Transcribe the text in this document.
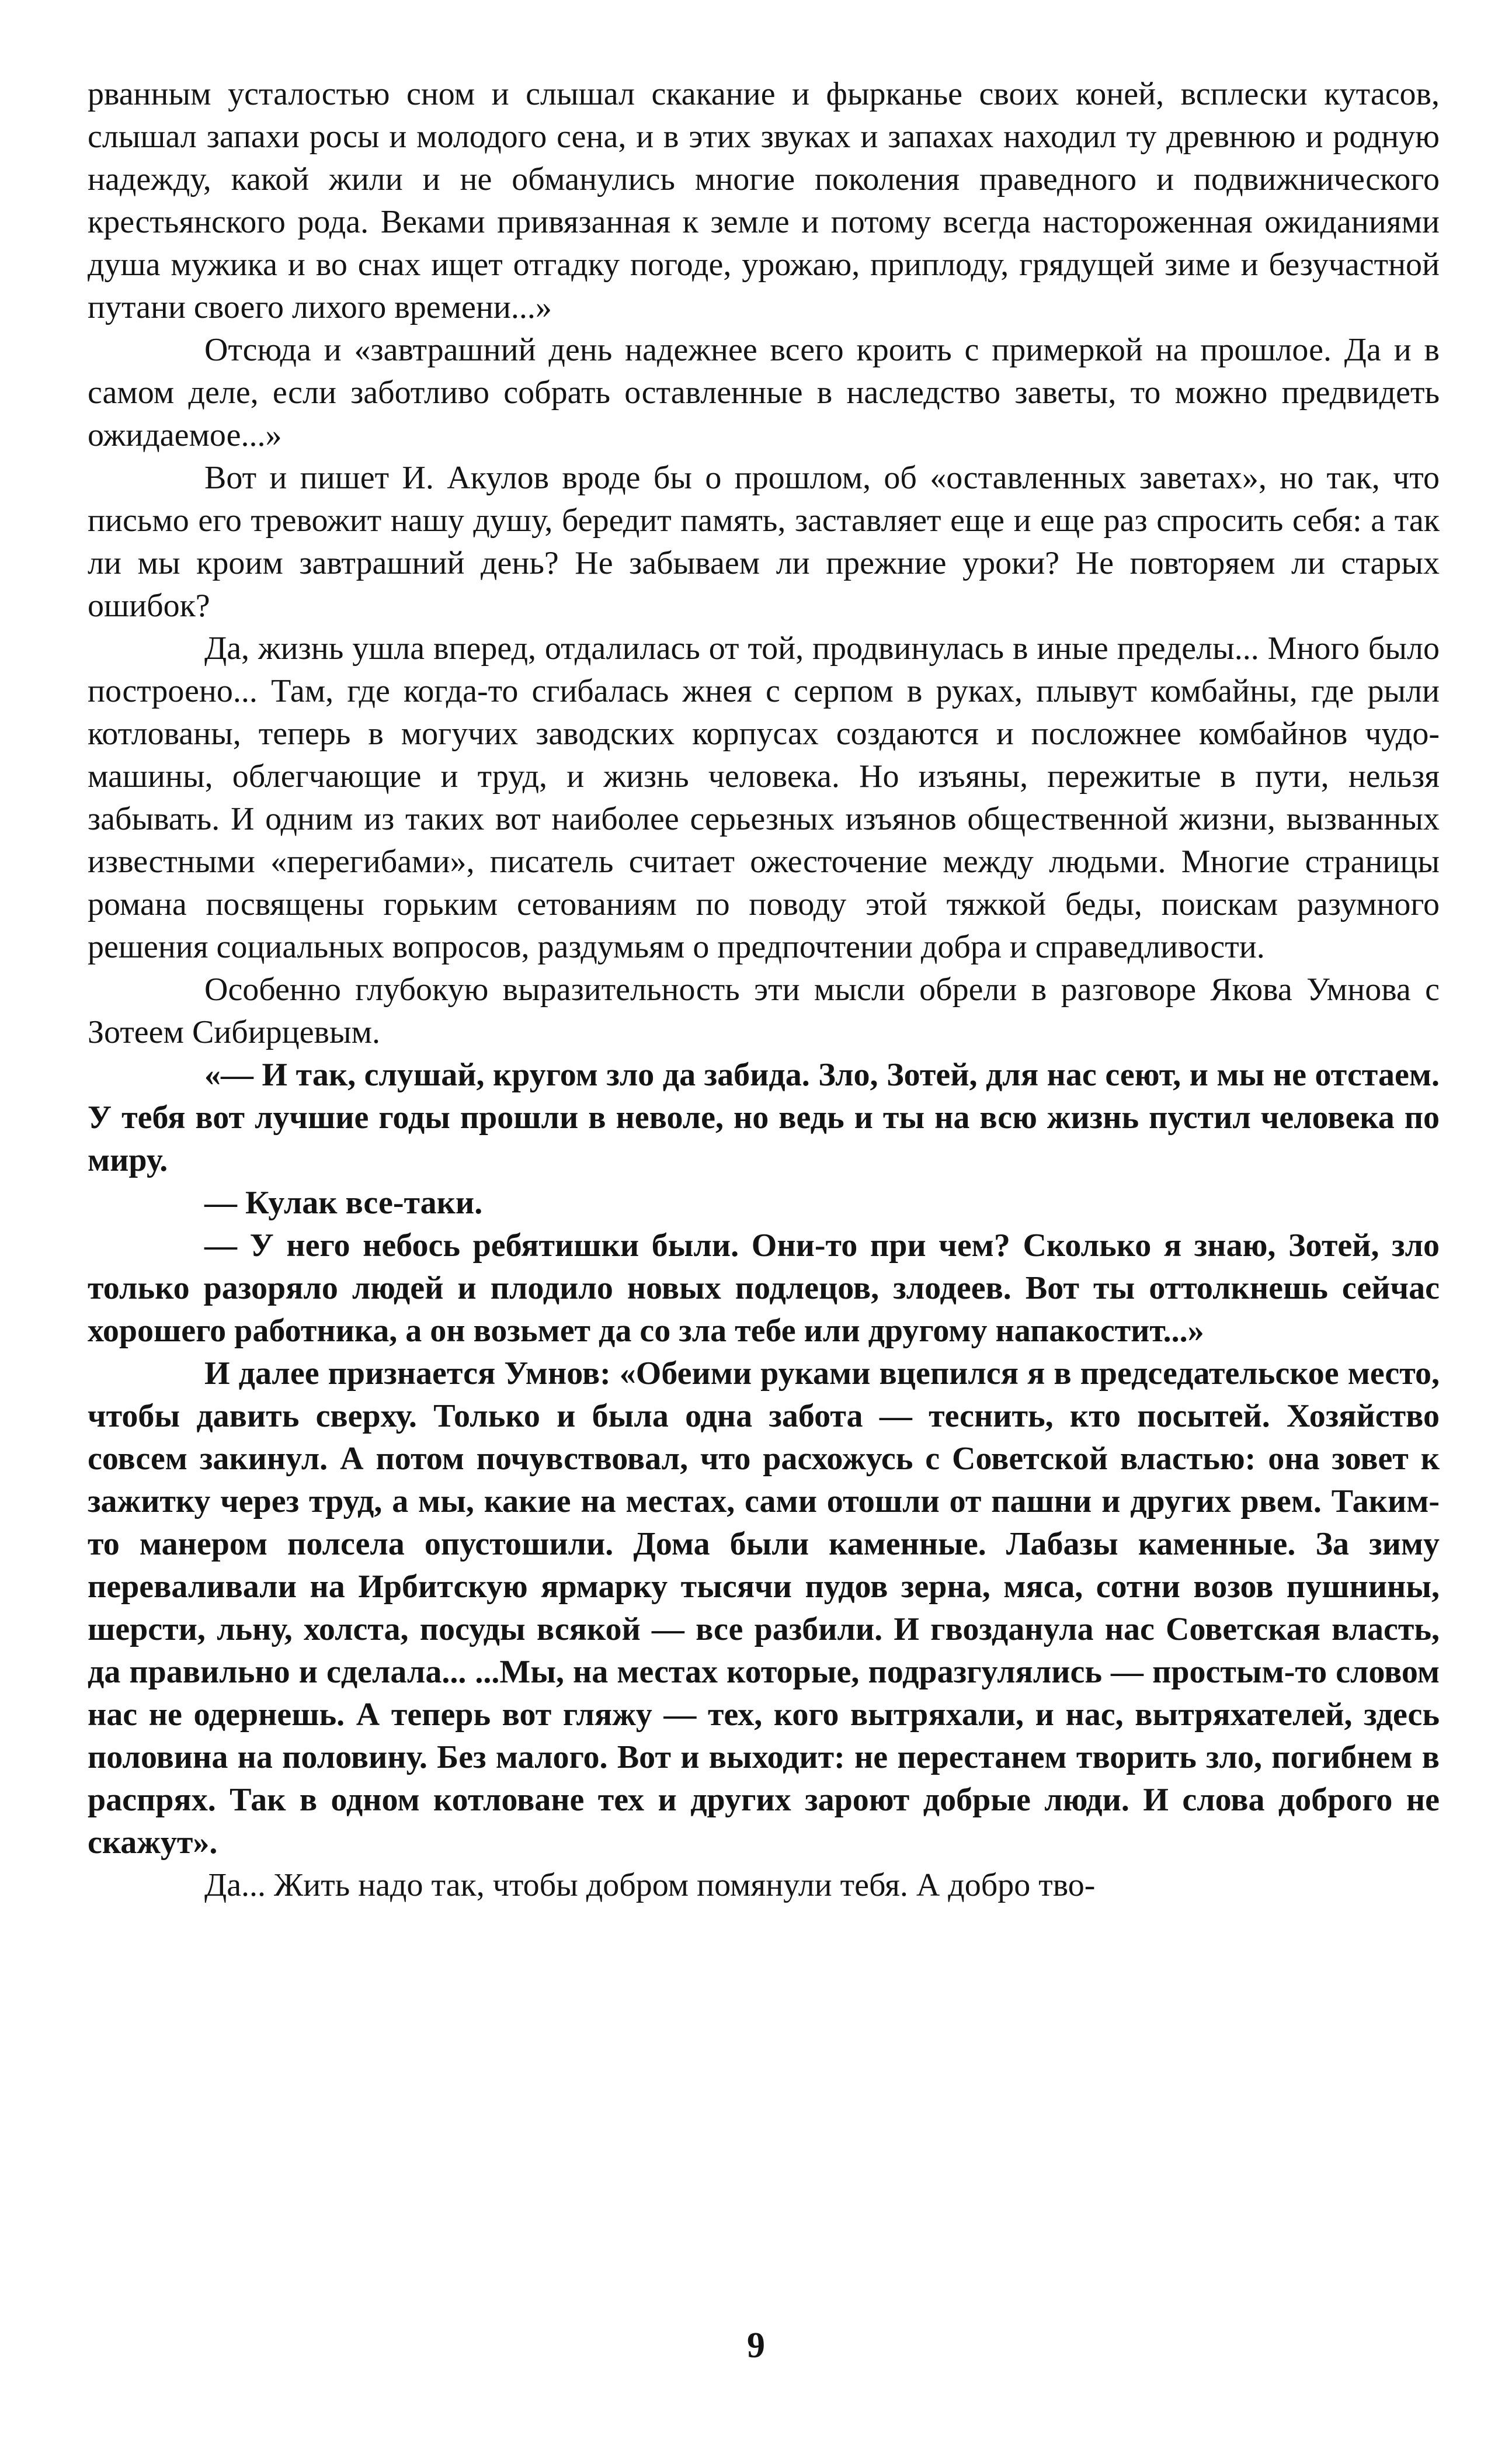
рванным усталостью сном и слышал скакание и фырканье своих коней, всплески кутасов, слышал запахи росы и молодого сена, и в этих звуках и запахах находил ту древнюю и родную надежду, какой жили и не обманулись многие поколения праведного и подвижнического крестьянского рода. Веками привязанная к земле и потому всегда настороженная ожиданиями душа мужика и во снах ищет отгадку погоде, урожаю, приплоду, грядущей зиме и безучастной путани своего лихого времени...»

Отсюда и «завтрашний день надежнее всего кроить с примеркой на прошлое. Да и в самом деле, если заботливо собрать оставленные в наследство заветы, то можно предвидеть ожидаемое...»

Вот и пишет И. Акулов вроде бы о прошлом, об «оставленных заветах», но так, что письмо его тревожит нашу душу, бередит память, заставляет еще и еще раз спросить себя: а так ли мы кроим завтрашний день? Не забываем ли прежние уроки? Не повторяем ли старых ошибок?

Да, жизнь ушла вперед, отдалилась от той, продвинулась в иные пределы... Много было построено... Там, где когда-то сгибалась жнея с серпом в руках, плывут комбайны, где рыли котлованы, теперь в могучих заводских корпусах создаются и посложнее комбайнов чудо-машины, облегчающие и труд, и жизнь человека. Но изъяны, пережитые в пути, нельзя забывать. И одним из таких вот наиболее серьезных изъянов общественной жизни, вызванных известными «перегибами», писатель считает ожесточение между людьми. Многие страницы романа посвящены горьким сетованиям по поводу этой тяжкой беды, поискам разумного решения социальных вопросов, раздумьям о предпочтении добра и справедливости.

Особенно глубокую выразительность эти мысли обрели в разговоре Якова Умнова с Зотеем Сибирцевым.

«— И так, слушай, кругом зло да забида. Зло, Зотей, для нас сеют, и мы не отстаем. У тебя вот лучшие годы прошли в неволе, но ведь и ты на всю жизнь пустил человека по миру.

— Кулак все-таки.

— У него небось ребятишки были. Они-то при чем? Сколько я знаю, Зотей, зло только разоряло людей и плодило новых подлецов, злодеев. Вот ты оттолкнешь сейчас хорошего работника, а он возьмет да со зла тебе или другому напакостит...»

И далее признается Умнов: «Обеими руками вцепился я в председательское место, чтобы давить сверху. Только и была одна забота — теснить, кто посытей. Хозяйство совсем закинул. А потом почувствовал, что расхожусь с Советской властью: она зовет к зажитку через труд, а мы, какие на местах, сами отошли от пашни и других рвем. Таким-то манером полсела опустошили. Дома были каменные. Лабазы каменные. За зиму переваливали на Ирбитскую ярмарку тысячи пудов зерна, мяса, сотни возов пушнины, шерсти, льну, холста, посуды всякой — все разбили. И гвозданула нас Советская власть, да правильно и сделала... ...Мы, на местах которые, подразгулялись — простым-то словом нас не одернешь. А теперь вот гляжу — тех, кого вытряхали, и нас, вытряхателей, здесь половина на половину. Без малого. Вот и выходит: не перестанем творить зло, погибнем в распрях. Так в одном котловане тех и других зароют добрые люди. И слова доброго не скажут».

Да... Жить надо так, чтобы добром помянули тебя. А добро тво-

9
